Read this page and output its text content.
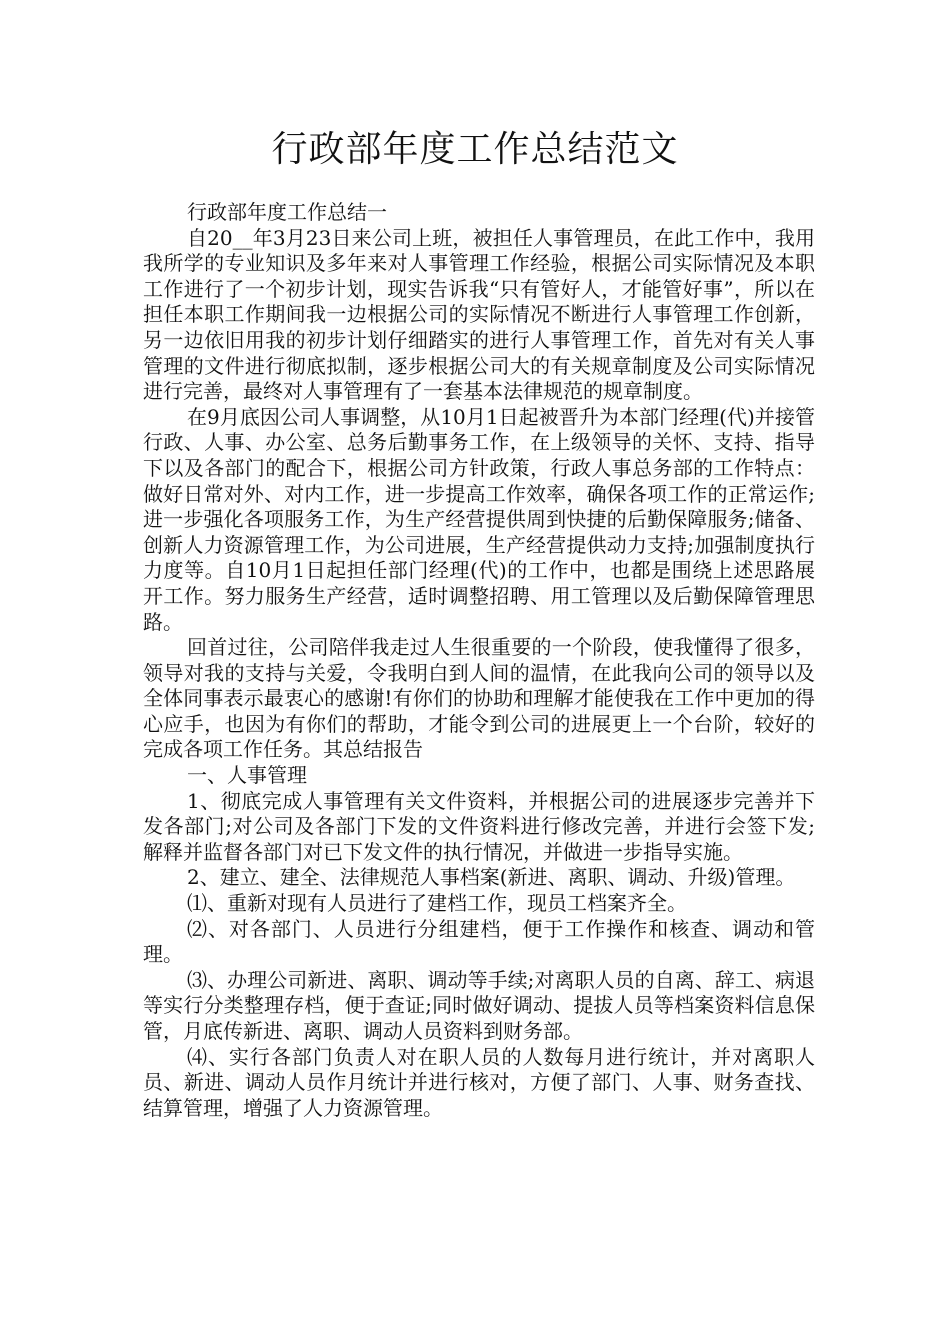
行政部年度工作总结范文

行政部年度工作总结一

自20__年3月23日来公司上班，被担任人事管理员，在此工作中，我用我所学的专业知识及多年来对人事管理工作经验，根据公司实际情况及本职工作进行了一个初步计划，现实告诉我“只有管好人，才能管好事”，所以在担任本职工作期间我一边根据公司的实际情况不断进行人事管理工作创新，另一边依旧用我的初步计划仔细踏实的进行人事管理工作，首先对有关人事管理的文件进行彻底拟制，逐步根据公司大的有关规章制度及公司实际情况进行完善，最终对人事管理有了一套基本法律规范的规章制度。

在9月底因公司人事调整，从10月1日起被晋升为本部门经理(代)并接管行政、人事、办公室、总务后勤事务工作，在上级领导的关怀、支持、指导下以及各部门的配合下，根据公司方针政策，行政人事总务部的工作特点：做好日常对外、对内工作，进一步提高工作效率，确保各项工作的正常运作;进一步强化各项服务工作，为生产经营提供周到快捷的后勤保障服务;储备、创新人力资源管理工作，为公司进展，生产经营提供动力支持;加强制度执行力度等。自10月1日起担任部门经理(代)的工作中，也都是围绕上述思路展开工作。努力服务生产经营，适时调整招聘、用工管理以及后勤保障管理思路。

回首过往，公司陪伴我走过人生很重要的一个阶段，使我懂得了很多，领导对我的支持与关爱，令我明白到人间的温情，在此我向公司的领导以及全体同事表示最衷心的感谢!有你们的协助和理解才能使我在工作中更加的得心应手，也因为有你们的帮助，才能令到公司的进展更上一个台阶，较好的完成各项工作任务。其总结报告

一、人事管理

1、彻底完成人事管理有关文件资料，并根据公司的进展逐步完善并下发各部门;对公司及各部门下发的文件资料进行修改完善，并进行会签下发;解释并监督各部门对已下发文件的执行情况，并做进一步指导实施。

2、建立、建全、法律规范人事档案(新进、离职、调动、升级)管理。

⑴、重新对现有人员进行了建档工作，现员工档案齐全。

⑵、对各部门、人员进行分组建档，便于工作操作和核查、调动和管理。

⑶、办理公司新进、离职、调动等手续;对离职人员的自离、辞工、病退等实行分类整理存档，便于查证;同时做好调动、提拔人员等档案资料信息保管，月底传新进、离职、调动人员资料到财务部。

⑷、实行各部门负责人对在职人员的人数每月进行统计，并对离职人员、新进、调动人员作月统计并进行核对，方便了部门、人事、财务查找、结算管理，增强了人力资源管理。
